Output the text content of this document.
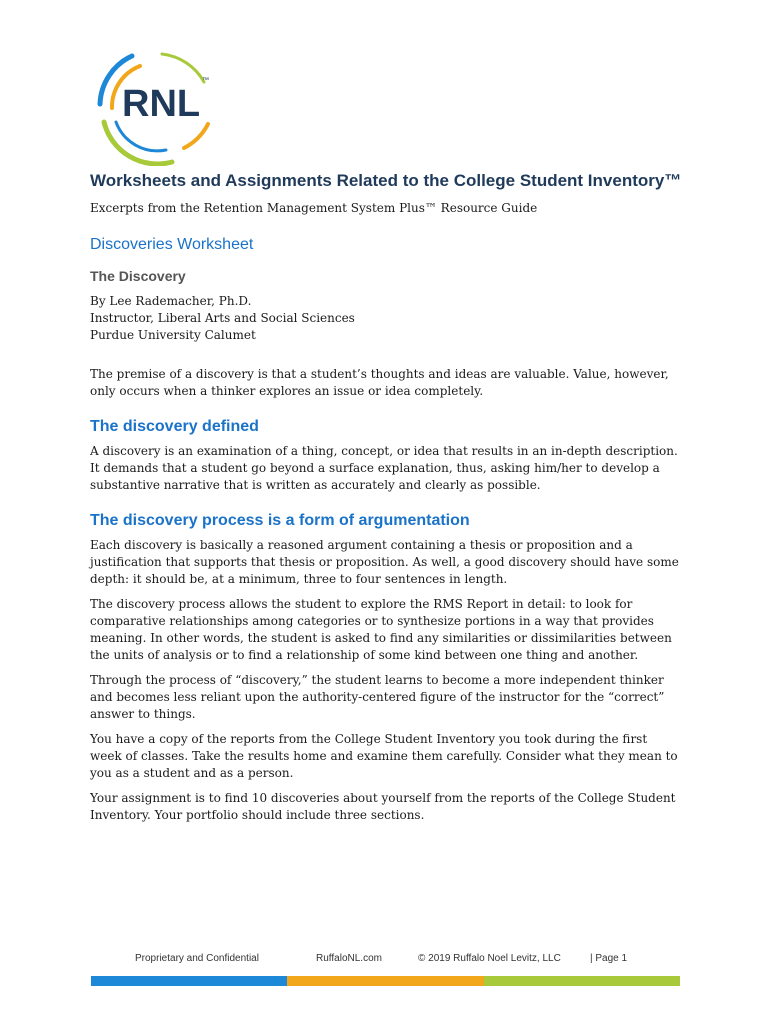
RNL
™
Worksheets and Assignments Related to the College Student Inventory™
Excerpts from the Retention Management System Plus™ Resource Guide
Discoveries Worksheet
The Discovery
By Lee Rademacher, Ph.D.
Instructor, Liberal Arts and Social Sciences
Purdue University Calumet

The premise of a discovery is that a student’s thoughts and ideas are valuable. Value, however, only occurs when a thinker explores an issue or idea completely.

The discovery defined

A discovery is an examination of a thing, concept, or idea that results in an in-depth description. It demands that a student go beyond a surface explanation, thus, asking him/her to develop a substantive narrative that is written as accurately and clearly as possible.

The discovery process is a form of argumentation

Each discovery is basically a reasoned argument containing a thesis or proposition and a justification that supports that thesis or proposition. As well, a good discovery should have some depth: it should be, at a minimum, three to four sentences in length.

The discovery process allows the student to explore the RMS Report in detail: to look for comparative relationships among categories or to synthesize portions in a way that provides meaning. In other words, the student is asked to find any similarities or dissimilarities between the units of analysis or to find a relationship of some kind between one thing and another.

Through the process of “discovery,” the student learns to become a more independent thinker and becomes less reliant upon the authority-centered figure of the instructor for the “correct” answer to things.

You have a copy of the reports from the College Student Inventory you took during the first week of classes. Take the results home and examine them carefully. Consider what they mean to you as a student and as a person.

Your assignment is to find 10 discoveries about yourself from the reports of the College Student Inventory. Your portfolio should include three sections.

Proprietary and Confidential	RuffaloNL.com	© 2019 Ruffalo Noel Levitz, LLC	| Page 1
